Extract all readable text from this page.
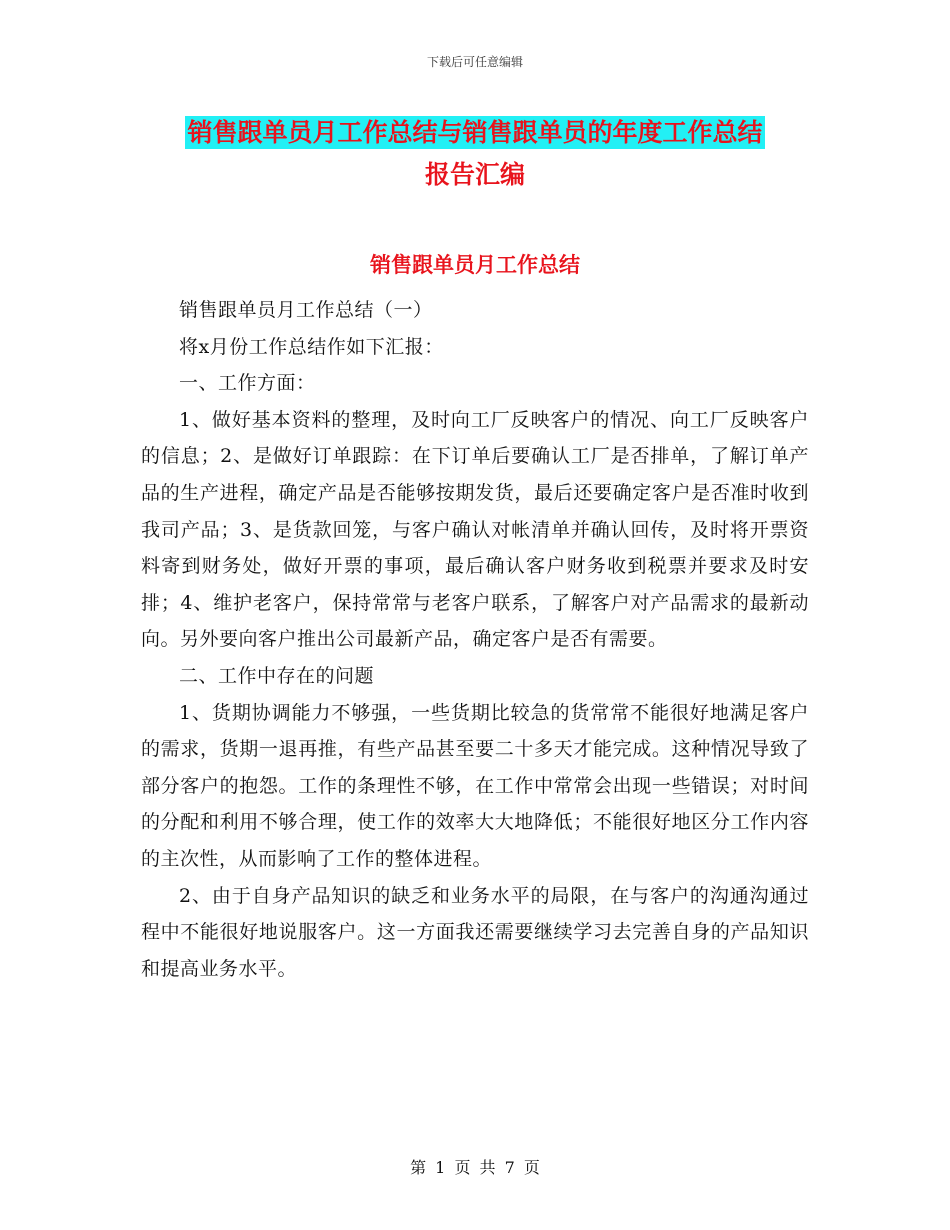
下载后可任意编辑
销售跟单员月工作总结与销售跟单员的年度工作总结
报告汇编
销售跟单员月工作总结

销售跟单员月工作总结（一）

将x月份工作总结作如下汇报：

一、工作方面：

1、做好基本资料的整理，及时向工厂反映客户的情况、向工厂反映客户的信息；2、是做好订单跟踪：在下订单后要确认工厂是否排单，了解订单产品的生产进程，确定产品是否能够按期发货，最后还要确定客户是否准时收到我司产品；3、是货款回笼，与客户确认对帐清单并确认回传，及时将开票资料寄到财务处，做好开票的事项，最后确认客户财务收到税票并要求及时安排；4、维护老客户，保持常常与老客户联系，了解客户对产品需求的最新动向。另外要向客户推出公司最新产品，确定客户是否有需要。

二、工作中存在的问题

1、货期协调能力不够强，一些货期比较急的货常常不能很好地满足客户的需求，货期一退再推，有些产品甚至要二十多天才能完成。这种情况导致了部分客户的抱怨。工作的条理性不够，在工作中常常会出现一些错误；对时间的分配和利用不够合理，使工作的效率大大地降低；不能很好地区分工作内容的主次性，从而影响了工作的整体进程。

2、由于自身产品知识的缺乏和业务水平的局限，在与客户的沟通沟通过程中不能很好地说服客户。这一方面我还需要继续学习去完善自身的产品知识和提高业务水平。

第 1 页 共 7 页
